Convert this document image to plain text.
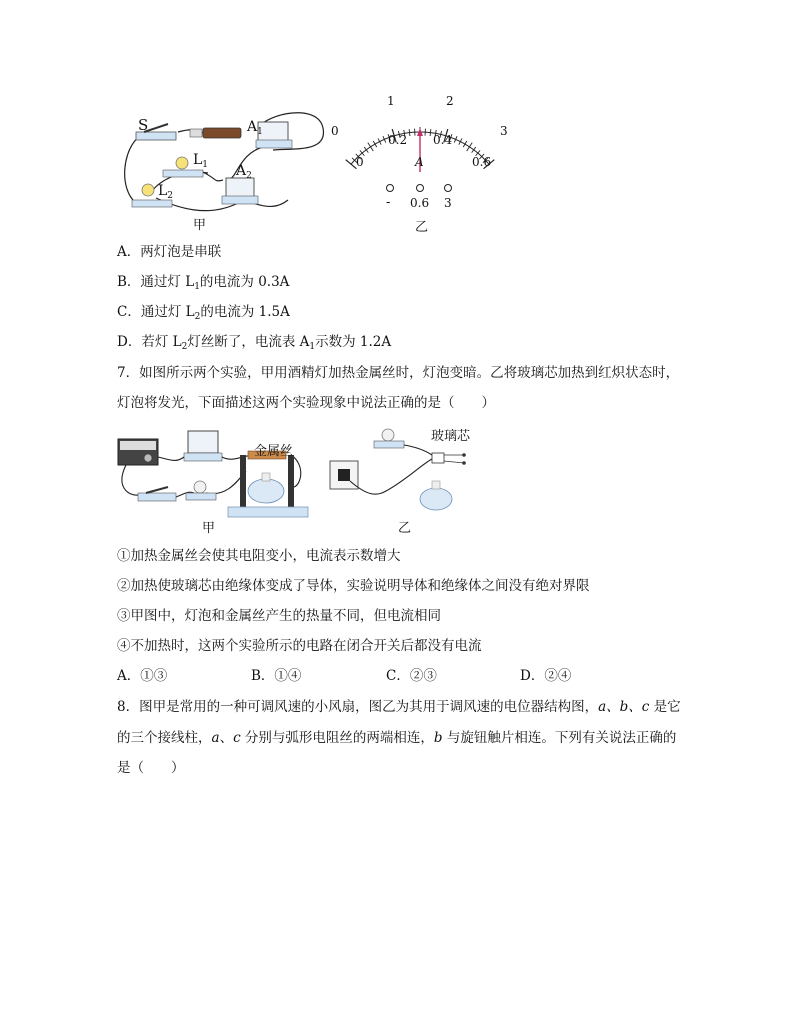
S	$A_1$
$L_1$ $A_2$
$L_2$
甲
0
1	2
3
0
0.2 0.4
0.6
A
- 0.6 3
乙
A．两灯泡是串联
B．通过灯 $L_1$的电流为 0.3A
C．通过灯 $L_2$的电流为 1.5A
D．若灯 $L_2$灯丝断了，电流表 $A_1$示数为 1.2A
7．如图所示两个实验，甲用酒精灯加热金属丝时，灯泡变暗。乙将玻璃芯加热到红炽状态时，
灯泡将发光，下面描述这两个实验现象中说法正确的是（　　）
金属丝
甲
玻璃芯
乙
①加热金属丝会使其电阻变小，电流表示数增大
②加热使玻璃芯由绝缘体变成了导体，实验说明导体和绝缘体之间没有绝对界限
③甲图中，灯泡和金属丝产生的热量不同，但电流相同
④不加热时，这两个实验所示的电路在闭合开关后都没有电流
A．①③	B．①④	C．②③	D．②④
8．图甲是常用的一种可调风速的小风扇，图乙为其用于调风速的电位器结构图，a、b、c 是它
的三个接线柱，a、c 分别与弧形电阻丝的两端相连，b 与旋钮触片相连。下列有关说法正确的
是（　　）
